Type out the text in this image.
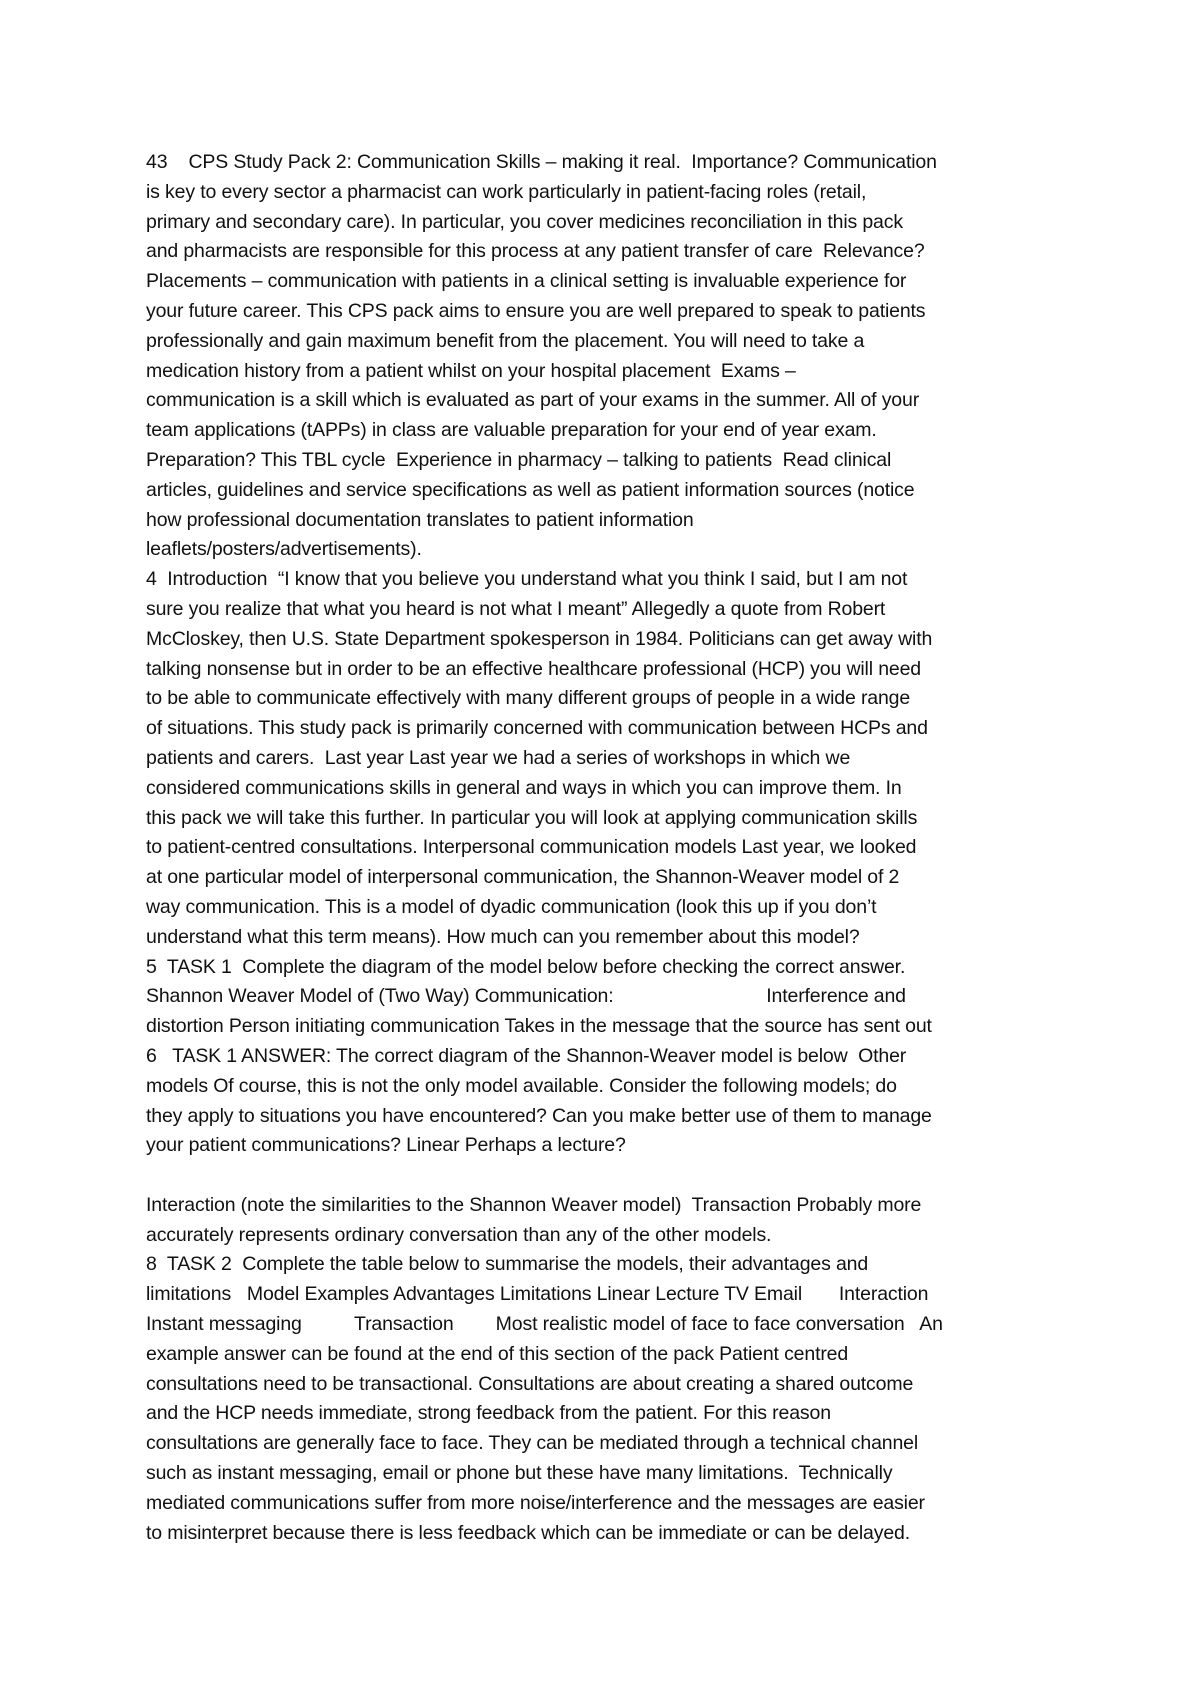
43    CPS Study Pack 2: Communication Skills – making it real.  Importance? Communication
is key to every sector a pharmacist can work particularly in patient-facing roles (retail,
primary and secondary care). In particular, you cover medicines reconciliation in this pack
and pharmacists are responsible for this process at any patient transfer of care  Relevance?
Placements – communication with patients in a clinical setting is invaluable experience for
your future career. This CPS pack aims to ensure you are well prepared to speak to patients
professionally and gain maximum benefit from the placement. You will need to take a
medication history from a patient whilst on your hospital placement  Exams –
communication is a skill which is evaluated as part of your exams in the summer. All of your
team applications (tAPPs) in class are valuable preparation for your end of year exam.
Preparation? This TBL cycle  Experience in pharmacy – talking to patients  Read clinical
articles, guidelines and service specifications as well as patient information sources (notice
how professional documentation translates to patient information
leaflets/posters/advertisements).
4  Introduction  “I know that you believe you understand what you think I said, but I am not
sure you realize that what you heard is not what I meant” Allegedly a quote from Robert
McCloskey, then U.S. State Department spokesperson in 1984. Politicians can get away with
talking nonsense but in order to be an effective healthcare professional (HCP) you will need
to be able to communicate effectively with many different groups of people in a wide range
of situations. This study pack is primarily concerned with communication between HCPs and
patients and carers.  Last year Last year we had a series of workshops in which we
considered communications skills in general and ways in which you can improve them. In
this pack we will take this further. In particular you will look at applying communication skills
to patient-centred consultations. Interpersonal communication models Last year, we looked
at one particular model of interpersonal communication, the Shannon-Weaver model of 2
way communication. This is a model of dyadic communication (look this up if you don’t
understand what this term means). How much can you remember about this model?
5  TASK 1  Complete the diagram of the model below before checking the correct answer.
Shannon Weaver Model of (Two Way) Communication:                             Interference and
distortion Person initiating communication Takes in the message that the source has sent out
6   TASK 1 ANSWER: The correct diagram of the Shannon-Weaver model is below  Other
models Of course, this is not the only model available. Consider the following models; do
they apply to situations you have encountered? Can you make better use of them to manage
your patient communications? Linear Perhaps a lecture?
Interaction (note the similarities to the Shannon Weaver model)  Transaction Probably more
accurately represents ordinary conversation than any of the other models.
8  TASK 2  Complete the table below to summarise the models, their advantages and
limitations   Model Examples Advantages Limitations Linear Lecture TV Email       Interaction
Instant messaging          Transaction        Most realistic model of face to face conversation   An
example answer can be found at the end of this section of the pack Patient centred
consultations need to be transactional. Consultations are about creating a shared outcome
and the HCP needs immediate, strong feedback from the patient. For this reason
consultations are generally face to face. They can be mediated through a technical channel
such as instant messaging, email or phone but these have many limitations.  Technically
mediated communications suffer from more noise/interference and the messages are easier
to misinterpret because there is less feedback which can be immediate or can be delayed.
